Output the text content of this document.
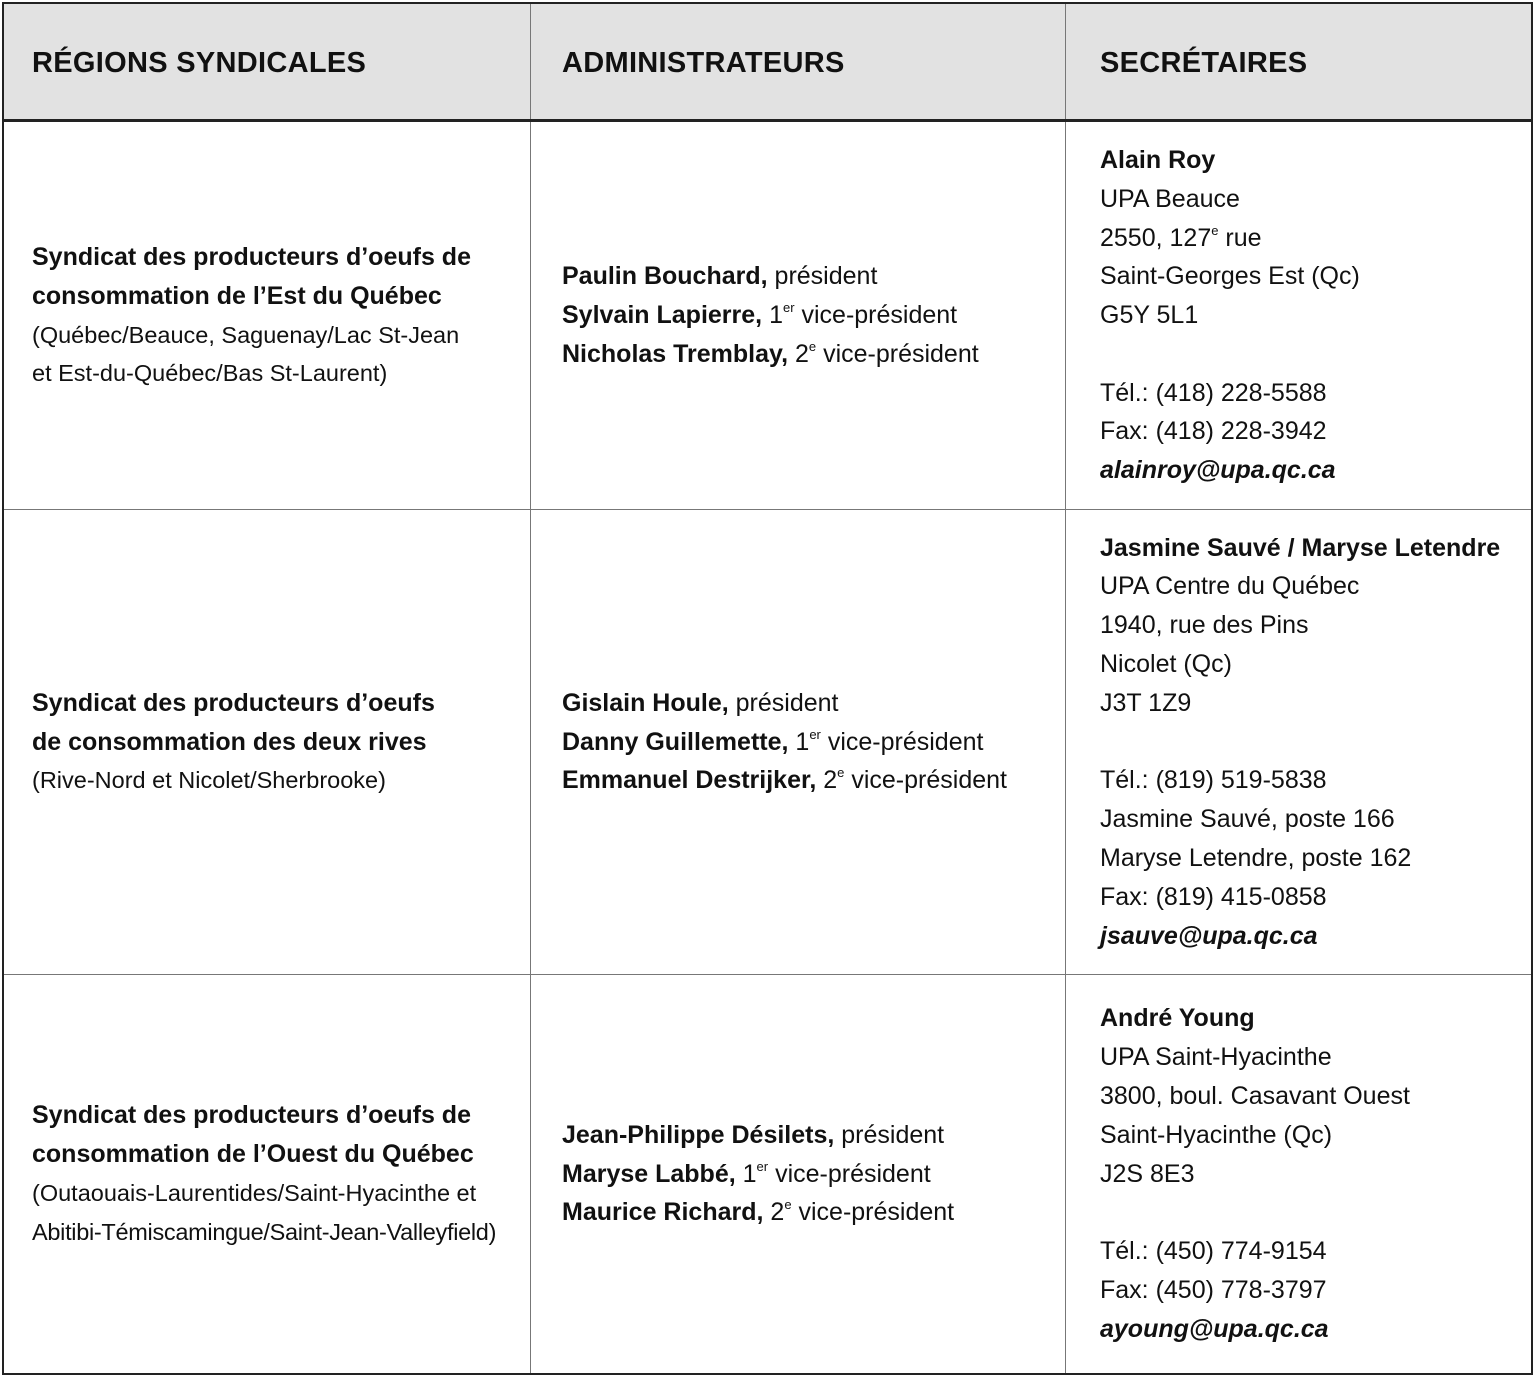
RÉGIONS SYNDICALES	ADMINISTRATEURS	SECRÉTAIRES
Syndicat des producteurs d’oeufs de
consommation de l’Est du Québec
(Québec/Beauce, Saguenay/Lac St-Jean
et Est-du-Québec/Bas St-Laurent)
Paulin Bouchard, président
Sylvain Lapierre, 1er vice-président
Nicholas Tremblay, 2e vice-président
Alain Roy
UPA Beauce
2550, 127e rue
Saint-Georges Est (Qc)
G5Y 5L1
Tél.: (418) 228-5588
Fax: (418) 228-3942
alainroy@upa.qc.ca
Syndicat des producteurs d’oeufs
de consommation des deux rives
(Rive-Nord et Nicolet/Sherbrooke)
Gislain Houle, président
Danny Guillemette, 1er vice-président
Emmanuel Destrijker, 2e vice-président
Jasmine Sauvé / Maryse Letendre
UPA Centre du Québec
1940, rue des Pins
Nicolet (Qc)
J3T 1Z9
Tél.: (819) 519-5838
Jasmine Sauvé, poste 166
Maryse Letendre, poste 162
Fax: (819) 415-0858
jsauve@upa.qc.ca
Syndicat des producteurs d’oeufs de
consommation de l’Ouest du Québec
(Outaouais-Laurentides/Saint-Hyacinthe et
Abitibi-Témiscamingue/Saint-Jean-Valleyfield)
Jean-Philippe Désilets, président
Maryse Labbé, 1er vice-président
Maurice Richard, 2e vice-président
André Young
UPA Saint-Hyacinthe
3800, boul. Casavant Ouest
Saint-Hyacinthe (Qc)
J2S 8E3
Tél.: (450) 774-9154
Fax: (450) 778-3797
ayoung@upa.qc.ca
